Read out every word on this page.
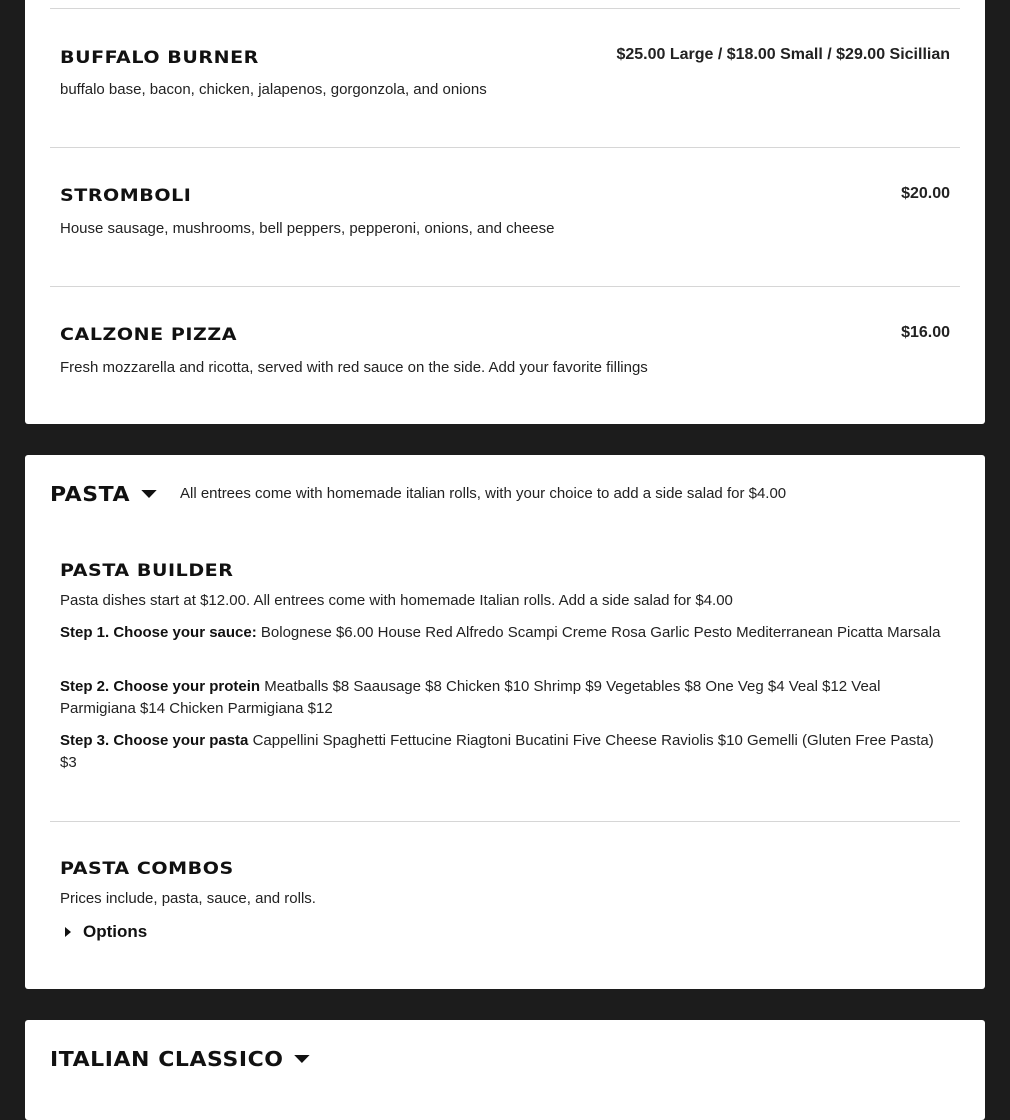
BUFFALO BURNER	$25.00 Large / $18.00 Small / $29.00 Sicillian
buffalo base, bacon, chicken, jalapenos, gorgonzola, and onions
STROMBOLI	$20.00
House sausage, mushrooms, bell peppers, pepperoni, onions, and cheese
CALZONE PIZZA	$16.00
Fresh mozzarella and ricotta, served with red sauce on the side. Add your favorite fillings
PASTA	All entrees come with homemade italian rolls, with your choice to add a side salad for $4.00
PASTA BUILDER
Pasta dishes start at $12.00. All entrees come with homemade Italian rolls. Add a side salad for $4.00
Step 1. Choose your sauce: Bolognese $6.00 House Red Alfredo Scampi Creme Rosa Garlic Pesto Mediterranean Picatta Marsala
Step 2. Choose your protein Meatballs $8 Saausage $8 Chicken $10 Shrimp $9 Vegetables $8 One Veg $4 Veal $12 Veal Parmigiana $14 Chicken Parmigiana $12
Step 3. Choose your pasta Cappellini Spaghetti Fettucine Riagtoni Bucatini Five Cheese Raviolis $10 Gemelli (Gluten Free Pasta) $3
PASTA COMBOS
Prices include, pasta, sauce, and rolls.
Options
ITALIAN CLASSICO
